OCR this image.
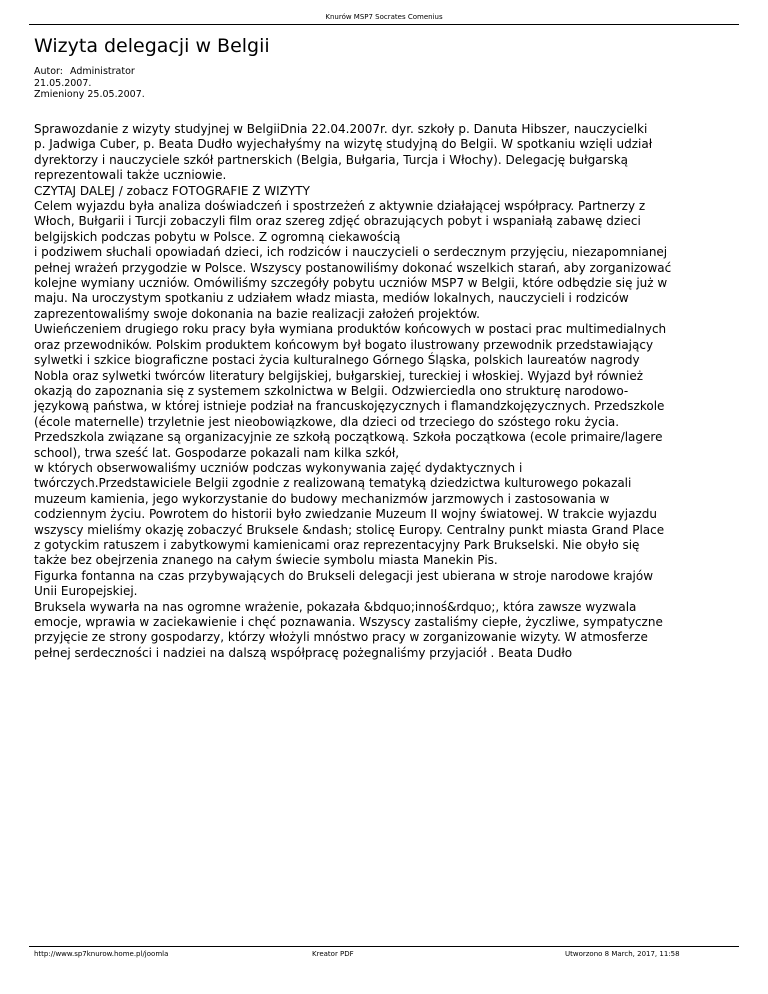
Knurów MSP7 Socrates Comenius
Wizyta delegacji w Belgii
Autor: Administrator
21.05.2007.
Zmieniony 25.05.2007.
Sprawozdanie z wizyty studyjnej w BelgiiDnia 22.04.2007r. dyr. szkoły p. Danuta Hibszer, nauczycielki
p. Jadwiga Cuber, p. Beata Dudło wyjechałyśmy na wizytę studyjną do Belgii. W spotkaniu wzięli udział
dyrektorzy i nauczyciele szkół partnerskich (Belgia, Bułgaria, Turcja i Włochy). Delegację bułgarską
reprezentowali także uczniowie.
CZYTAJ DALEJ / zobacz FOTOGRAFIE Z WIZYTY
Celem wyjazdu była analiza doświadczeń i spostrzeżeń z aktywnie działającej współpracy. Partnerzy z
Włoch, Bułgarii i Turcji zobaczyli film oraz szereg zdjęć obrazujących pobyt i wspaniałą zabawę dzieci
belgijskich podczas pobytu w Polsce. Z ogromną ciekawością
i podziwem słuchali opowiadań dzieci, ich rodziców i nauczycieli o serdecznym przyjęciu, niezapomnianej
pełnej wrażeń przygodzie w Polsce. Wszyscy postanowiliśmy dokonać wszelkich starań, aby zorganizować
kolejne wymiany uczniów. Omówiliśmy szczegóły pobytu uczniów MSP7 w Belgii, które odbędzie się już w
maju. Na uroczystym spotkaniu z udziałem władz miasta, mediów lokalnych, nauczycieli i rodziców
zaprezentowaliśmy swoje dokonania na bazie realizacji założeń projektów.
Uwieńczeniem drugiego roku pracy była wymiana produktów końcowych w postaci prac multimedialnych
oraz przewodników. Polskim produktem końcowym był bogato ilustrowany przewodnik przedstawiający
sylwetki i szkice biograficzne postaci życia kulturalnego Górnego Śląska, polskich laureatów nagrody
Nobla oraz sylwetki twórców literatury belgijskiej, bułgarskiej, tureckiej i włoskiej. Wyjazd był również
okazją do zapoznania się z systemem szkolnictwa w Belgii. Odzwierciedla ono strukturę narodowo-
językową państwa, w której istnieje podział na francuskojęzycznych i flamandzkojęzycznych. Przedszkole
(école maternelle) trzyletnie jest nieobowiązkowe, dla dzieci od trzeciego do szóstego roku życia.
Przedszkola związane są organizacyjnie ze szkołą początkową. Szkoła początkowa (ecole primaire/lagere
school), trwa sześć lat. Gospodarze pokazali nam kilka szkół,
w których obserwowaliśmy uczniów podczas wykonywania zajęć dydaktycznych i
twórczych.Przedstawiciele Belgii zgodnie z realizowaną tematyką dziedzictwa kulturowego pokazali
muzeum kamienia, jego wykorzystanie do budowy mechanizmów jarzmowych i zastosowania w
codziennym życiu. Powrotem do historii było zwiedzanie Muzeum II wojny światowej. W trakcie wyjazdu
wszyscy mieliśmy okazję zobaczyć Bruksele &ndash; stolicę Europy. Centralny punkt miasta Grand Place
z gotyckim ratuszem i zabytkowymi kamienicami oraz reprezentacyjny Park Brukselski. Nie obyło się
także bez obejrzenia znanego na całym świecie symbolu miasta Manekin Pis.
Figurka fontanna na czas przybywających do Brukseli delegacji jest ubierana w stroje narodowe krajów
Unii Europejskiej.
Bruksela wywarła na nas ogromne wrażenie, pokazała &bdquo;innoś&rdquo;, która zawsze wyzwala
emocje, wprawia w zaciekawienie i chęć poznawania. Wszyscy zastaliśmy ciepłe, życzliwe, sympatyczne
przyjęcie ze strony gospodarzy, którzy włożyli mnóstwo pracy w zorganizowanie wizyty. W atmosferze
pełnej serdeczności i nadziei na dalszą współpracę pożegnaliśmy przyjaciół . Beata Dudło
http://www.sp7knurow.home.pl/joomla	Kreator PDF	Utworzono 8 March, 2017, 11:58
